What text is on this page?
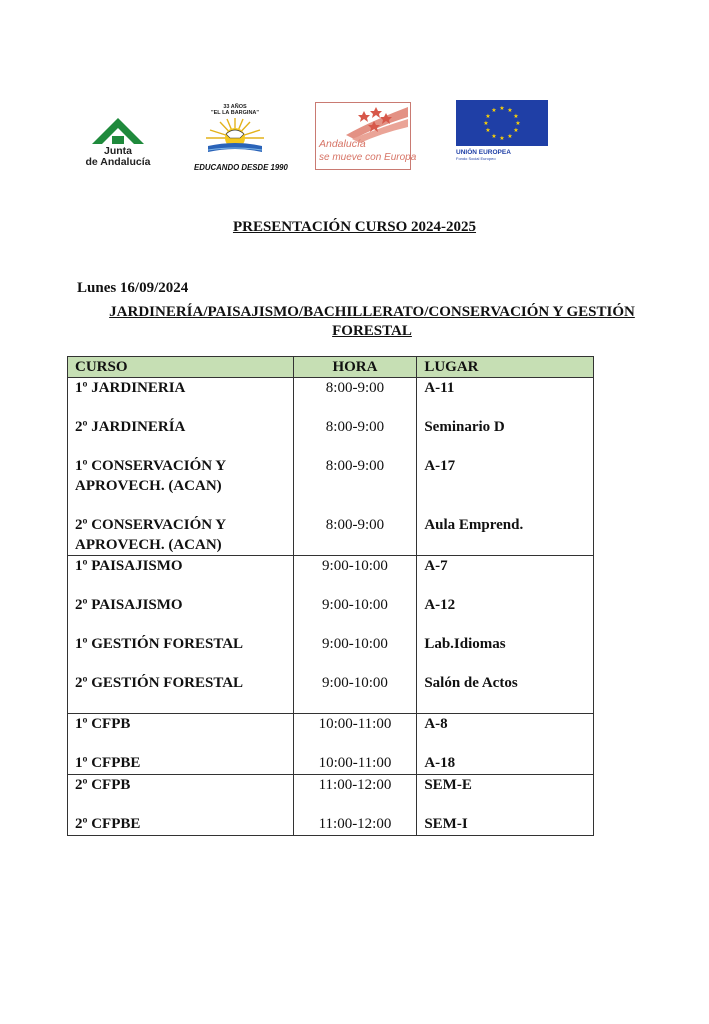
Junta
de Andalucía
33 AÑOS
"EL LA BARGINA"
EDUCANDO DESDE 1990
Andalucía
se mueve con Europa
★ ★
★
★
★
★
★
★
★
★
★
★
UNIÓN EUROPEA
Fondo Social Europeo
PRESENTACIÓN CURSO 2024-2025
Lunes 16/09/2024
JARDINERÍA/PAISAJISMO/BACHILLERATO/CONSERVACIÓN Y GESTIÓN FORESTAL
CURSO	HORA	LUGAR
1º JARDINERIA	8:00-9:00	A-11
2º JARDINERÍA	8:00-9:00	Seminario D
1º CONSERVACIÓN Y APROVECH. (ACAN)	8:00-9:00	A-17
2º CONSERVACIÓN Y APROVECH. (ACAN)	8:00-9:00	Aula Emprend.
1º PAISAJISMO	9:00-10:00	A-7
2º PAISAJISMO	9:00-10:00	A-12
1º GESTIÓN FORESTAL	9:00-10:00	Lab.Idiomas
2º GESTIÓN FORESTAL	9:00-10:00	Salón de Actos
1º CFPB	10:00-11:00	A-8
1º CFPBE	10:00-11:00	A-18
2º CFPB	11:00-12:00	SEM-E
2º CFPBE	11:00-12:00	SEM-I
